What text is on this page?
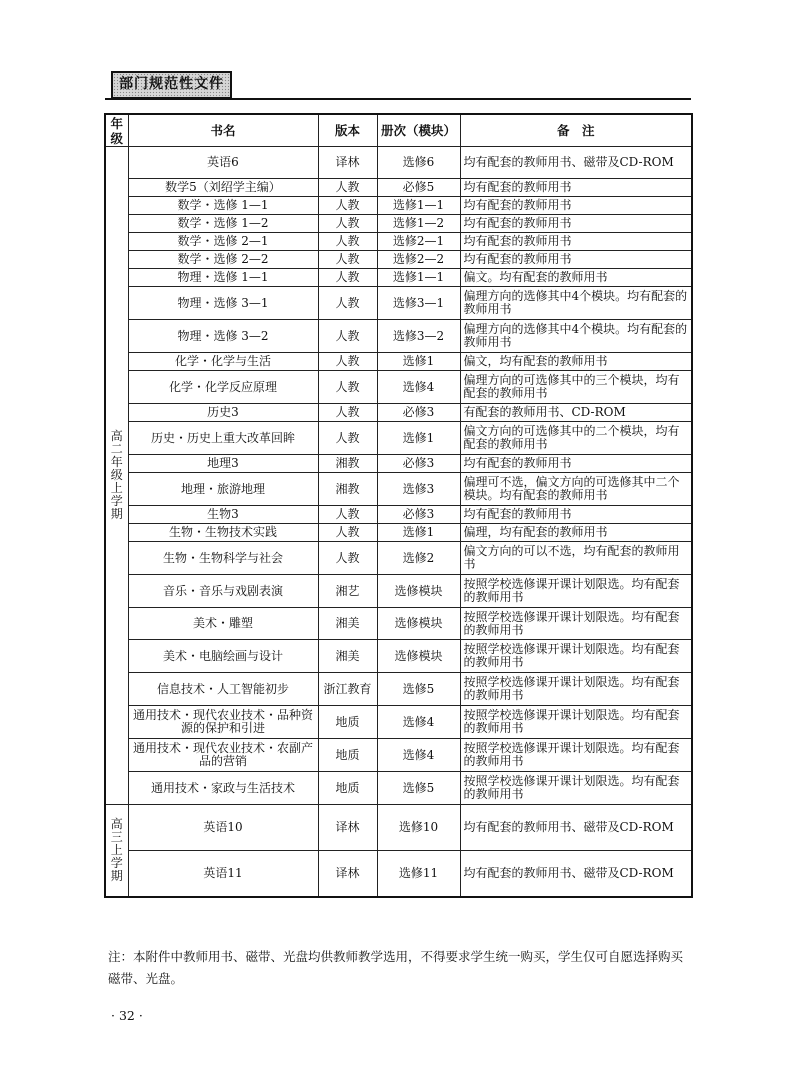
部门规范性文件
年级	书名	版本	册次（模块）	备　注
高二年级上学期	英语6	译林	选修6	均有配套的教师用书、磁带及CD-ROM
	数学5（刘绍学主编）	人教	必修5	均有配套的教师用书
	数学・选修 1—1	人教	选修1—1	均有配套的教师用书
	数学・选修 1—2	人教	选修1—2	均有配套的教师用书
	数学・选修 2—1	人教	选修2—1	均有配套的教师用书
	数学・选修 2—2	人教	选修2—2	均有配套的教师用书
	物理・选修 1—1	人教	选修1—1	偏文。均有配套的教师用书
	物理・选修 3—1	人教	选修3—1	偏理方向的选修其中4个模块。均有配套的教师用书
	物理・选修 3—2	人教	选修3—2	偏理方向的选修其中4个模块。均有配套的教师用书
	化学・化学与生活	人教	选修1	偏文，均有配套的教师用书
	化学・化学反应原理	人教	选修4	偏理方向的可选修其中的三个模块，均有配套的教师用书
	历史3	人教	必修3	有配套的教师用书、CD-ROM
	历史・历史上重大改革回眸	人教	选修1	偏文方向的可选修其中的二个模块，均有配套的教师用书
	地理3	湘教	必修3	均有配套的教师用书
	地理・旅游地理	湘教	选修3	偏理可不选，偏文方向的可选修其中二个模块。均有配套的教师用书
	生物3	人教	必修3	均有配套的教师用书
	生物・生物技术实践	人教	选修1	偏理，均有配套的教师用书
	生物・生物科学与社会	人教	选修2	偏文方向的可以不选，均有配套的教师用书
	音乐・音乐与戏剧表演	湘艺	选修模块	按照学校选修课开课计划限选。均有配套的教师用书
	美术・雕塑	湘美	选修模块	按照学校选修课开课计划限选。均有配套的教师用书
	美术・电脑绘画与设计	湘美	选修模块	按照学校选修课开课计划限选。均有配套的教师用书
	信息技术・人工智能初步	浙江教育	选修5	按照学校选修课开课计划限选。均有配套的教师用书
	通用技术・现代农业技术・品种资源的保护和引进	地质	选修4	按照学校选修课开课计划限选。均有配套的教师用书
	通用技术・现代农业技术・农副产品的营销	地质	选修4	按照学校选修课开课计划限选。均有配套的教师用书
	通用技术・家政与生活技术	地质	选修5	按照学校选修课开课计划限选。均有配套的教师用书
高三上学期	英语10	译林	选修10	均有配套的教师用书、磁带及CD-ROM
	英语11	译林	选修11	均有配套的教师用书、磁带及CD-ROM
注：本附件中教师用书、磁带、光盘均供教师教学选用，不得要求学生统一购买，学生仅可自愿选择购买磁带、光盘。
· 32 ·
